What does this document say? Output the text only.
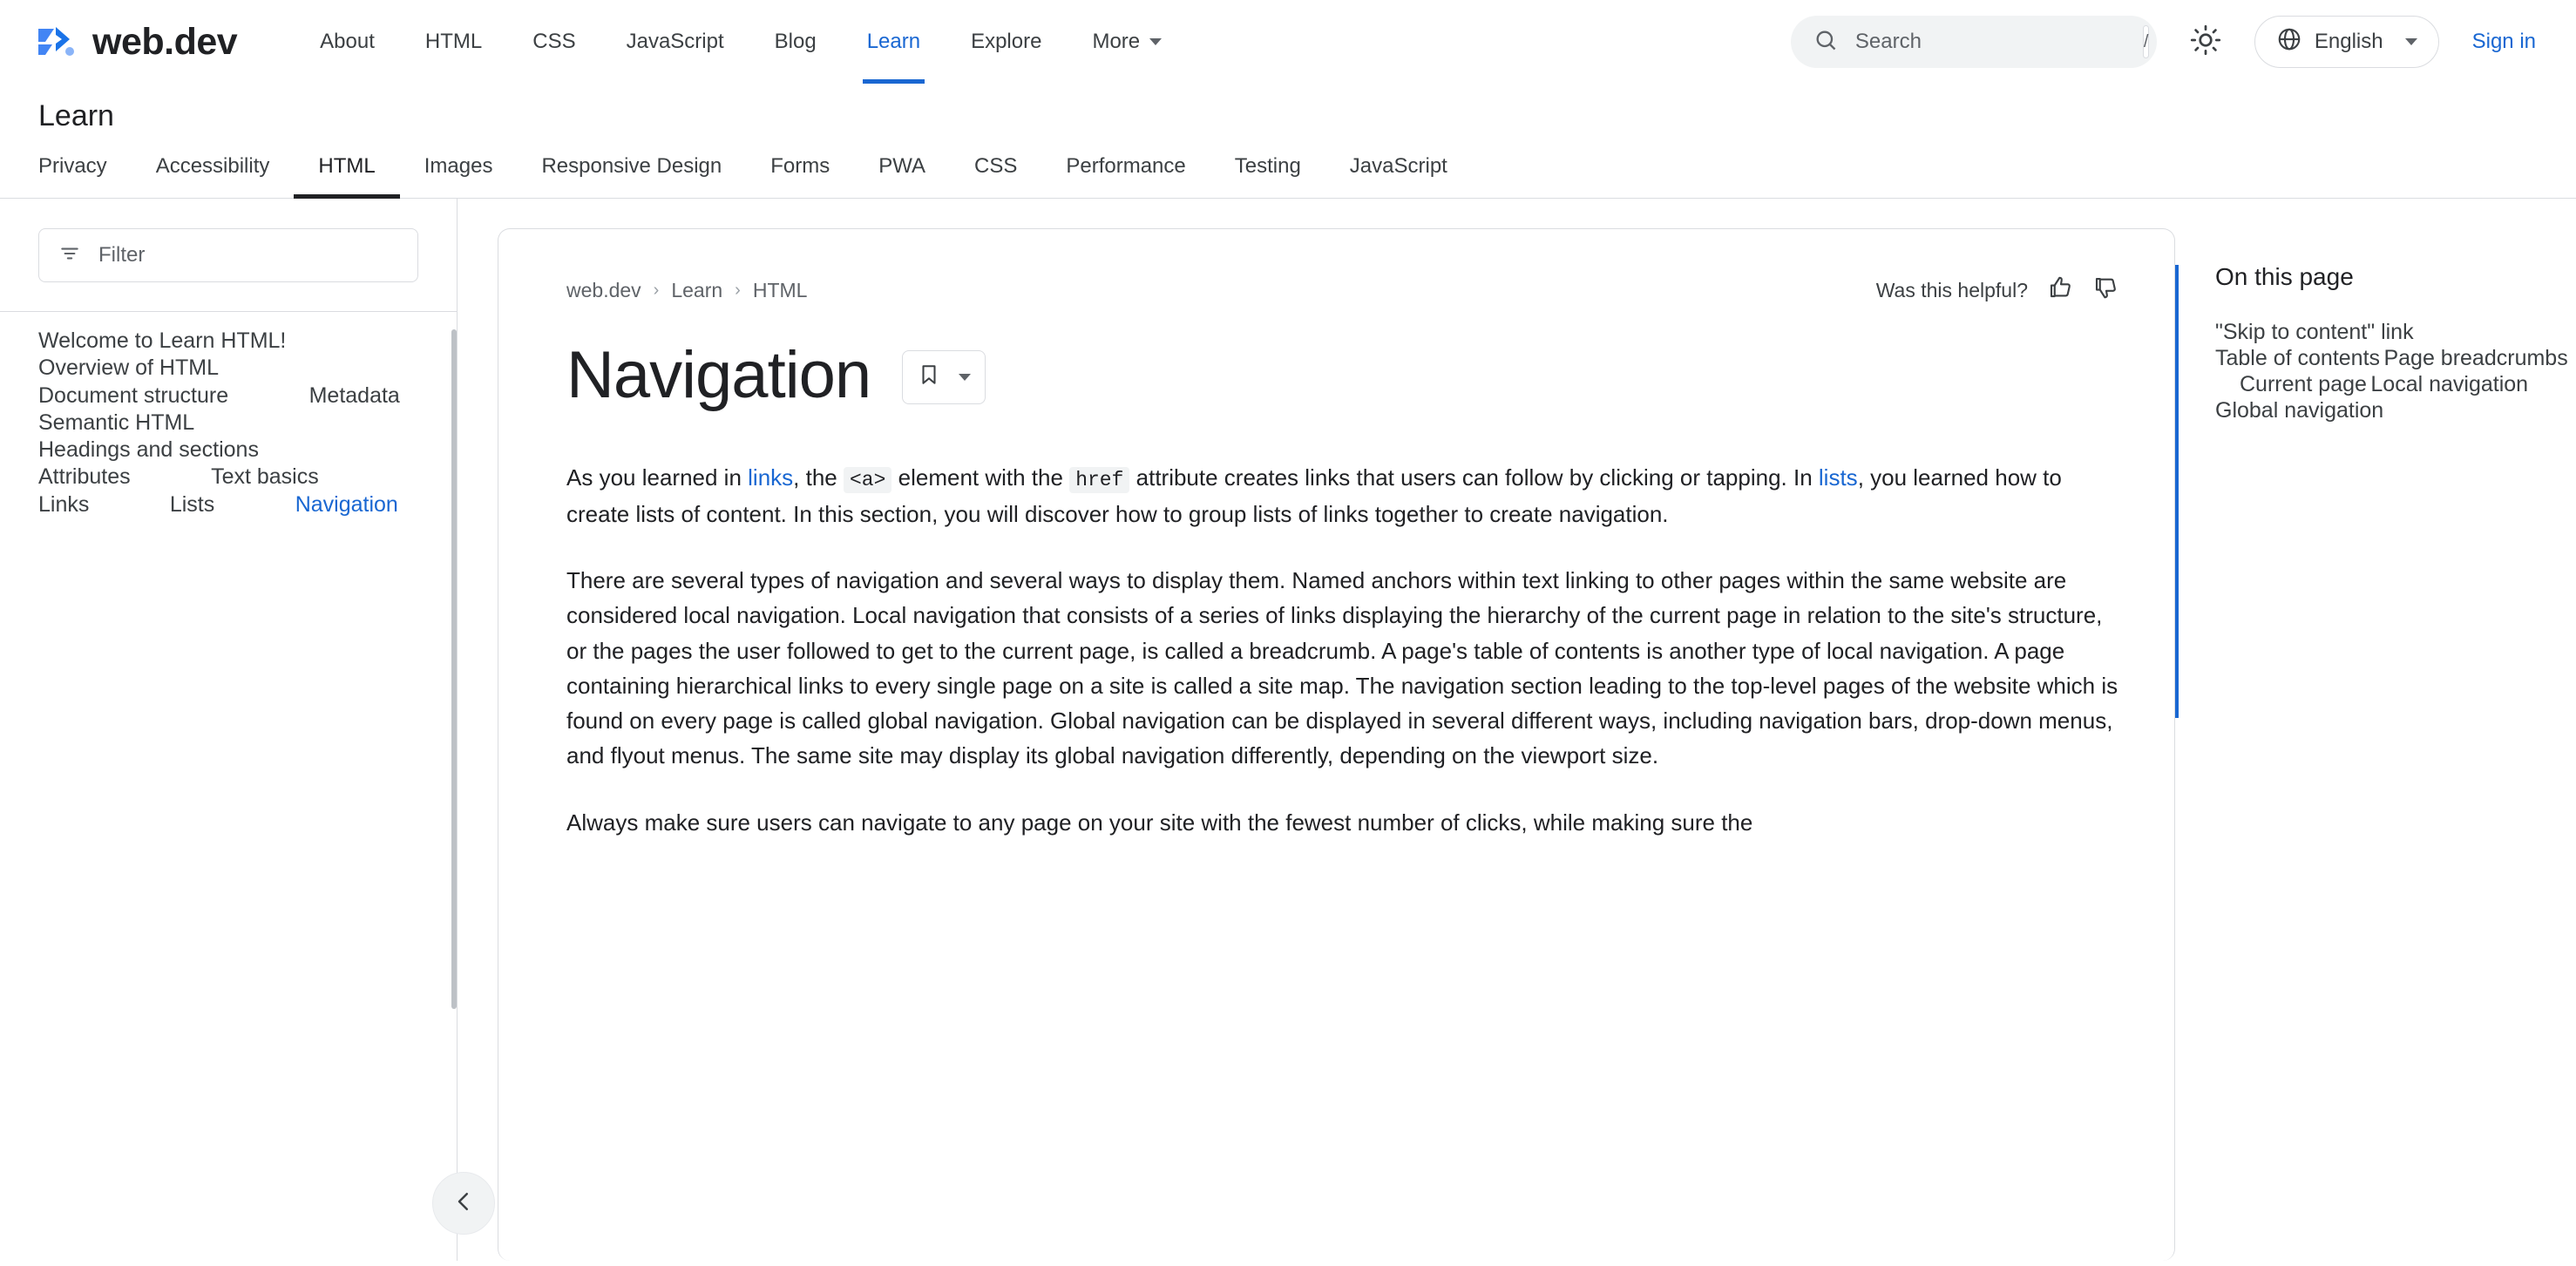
web.dev	About HTML CSS JavaScript Blog Learn Explore More
Search	/	English	Sign in
Learn
Privacy	Accessibility	HTML	Images	Responsive Design	Forms	PWA	CSS	Performance	Testing	JavaScript
Filter
Welcome to Learn HTML! Overview of HTML Document structure	Metadata Semantic HTML Headings and sections Attributes	Text basics Links	Lists	Navigation
web.dev › Learn › HTML	Was this helpful?
Navigation

As you learned in links, the <a> element with the href attribute creates links that users can follow by clicking or tapping. In lists, you learned how to create lists of content. In this section, you will discover how to group lists of links together to create navigation.

There are several types of navigation and several ways to display them. Named anchors within text linking to other pages within the same website are considered local navigation. Local navigation that consists of a series of links displaying the hierarchy of the current page in relation to the site's structure, or the pages the user followed to get to the current page, is called a breadcrumb. A page's table of contents is another type of local navigation. A page containing hierarchical links to every single page on a site is called a site map. The navigation section leading to the top-level pages of the website which is found on every page is called global navigation. Global navigation can be displayed in several different ways, including navigation bars, drop-down menus, and flyout menus. The same site may display its global navigation differently, depending on the viewport size.

Always make sure users can navigate to any page on your site with the fewest number of clicks, while making sure the

On this page
"Skip to content" link Table of contents Page breadcrumbs Current page Local navigation Global navigation
